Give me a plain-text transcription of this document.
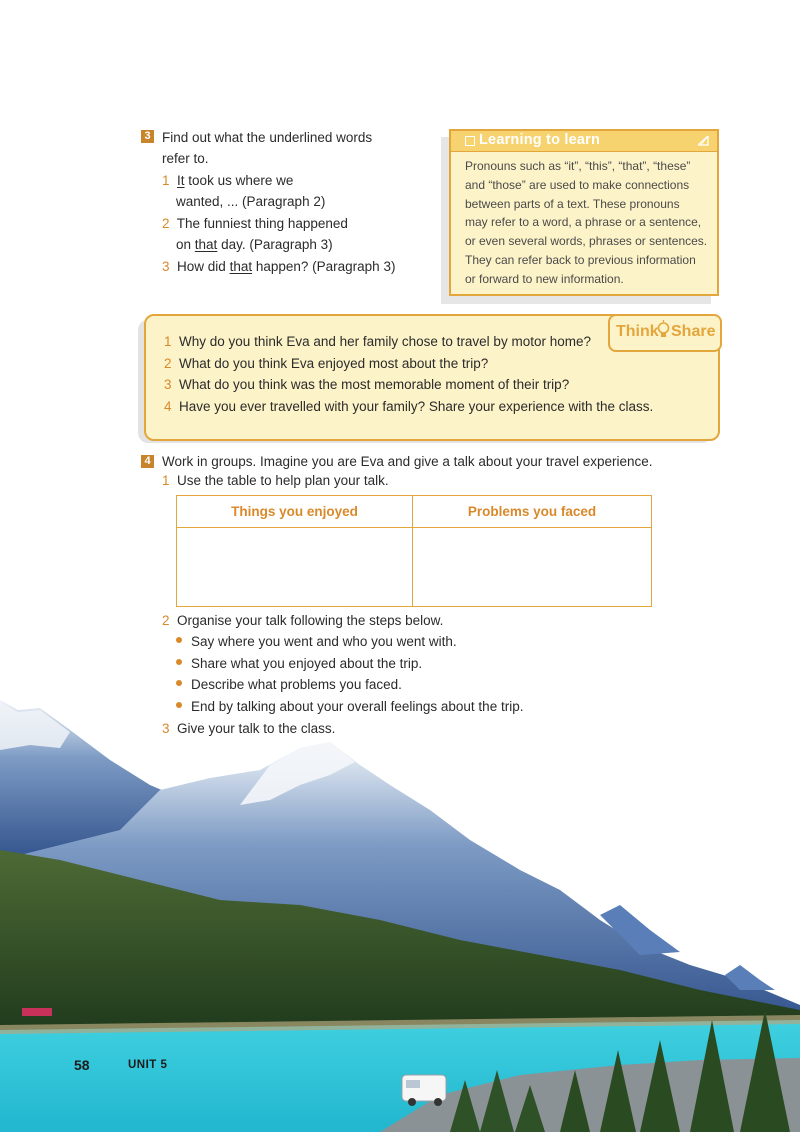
3 Find out what the underlined words
refer to.
1 It took us where we
wanted, ... (Paragraph 2)
2 The funniest thing happened
on that day. (Paragraph 3)
3 How did that happen? (Paragraph 3)
Learning to learn
Pronouns such as “it”, “this”, “that”, “these”
and “those” are used to make connections
between parts of a text. These pronouns
may refer to a word, a phrase or a sentence,
or even several words, phrases or sentences.
They can refer back to previous information
or forward to new information.
Think Share
1 Why do you think Eva and her family chose to travel by motor home?
2 What do you think Eva enjoyed most about the trip?
3 What do you think was the most memorable moment of their trip?
4 Have you ever travelled with your family? Share your experience with the class.
4 Work in groups. Imagine you are Eva and give a talk about your travel experience.
1 Use the table to help plan your talk.
Things you enjoyed	Problems you faced

2 Organise your talk following the steps below.
Say where you went and who you went with.
Share what you enjoyed about the trip.
Describe what problems you faced.
End by talking about your overall feelings about the trip.
3 Give your talk to the class.
58	UNIT 5
